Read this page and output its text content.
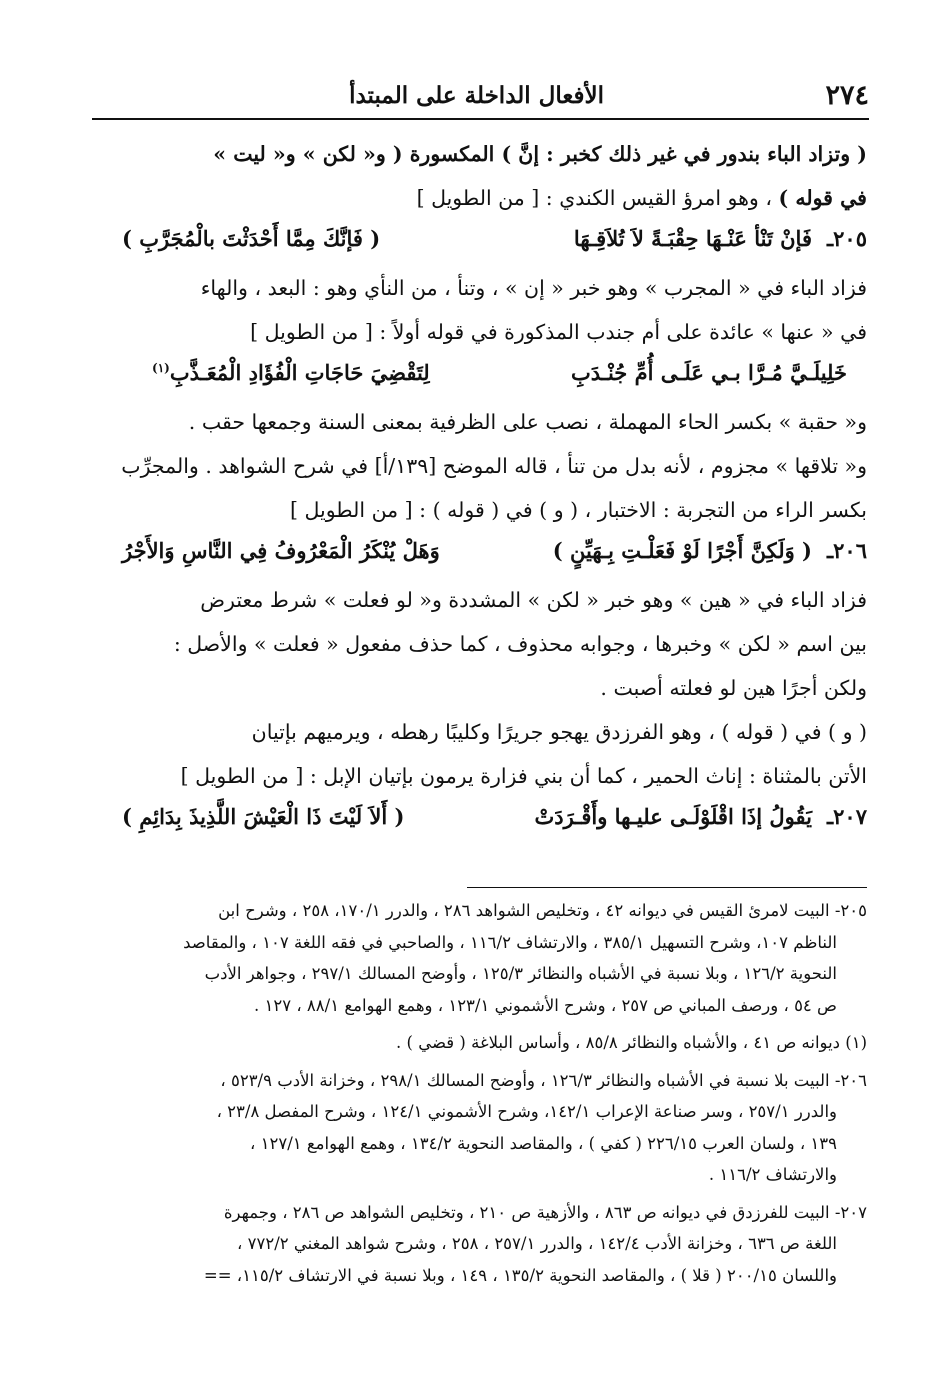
٢٧٤
الأفعال الداخلة على المبتدأ
( وتزاد الباء بندور في غير ذلك كخبر : إنَّ ) المكسورة ( و« لكن » و« ليت »
في قوله ) ، وهو امرؤ القيس الكندي : [ من الطويل ]
٢٠٥ـ
فَإنْ تَنْأ عَنْـهَا حِقْبَـةً لاَ تُلاَقِـهَا
( فَإنَّكَ مِمَّا أَحْدَثْتَ بالْمُجَرَّبِ )
فزاد الباء في « المجرب » وهو خبر « إن » ، وتنأ ، من النأي وهو : البعد ، والهاء
في « عنها » عائدة على أم جندب المذكورة في قوله أولاً : [ من الطويل ]
خَلِيلَـيَّ مُـرَّا بـي عَلَـى أُمِّ جُنْـدَبِ
لِتَقْضِيَ حَاجَاتِ الْفُؤَادِ الْمُعَـذَّبِ$^{(١)}$
و« حقبة » بكسر الحاء المهملة ، نصب على الظرفية بمعنى السنة وجمعها حقب .
و« تلاقها » مجزوم ، لأنه بدل من تنأ ، قاله الموضح [١٣٩/أ] في شرح الشواهد . والمجرِّب
بكسر الراء من التجربة : الاختبار ، ( و ) في ( قوله ) : [ من الطويل ]
٢٠٦ـ
( وَلَكِنَّ أَجْرًا لَوْ فَعَلْـتِ بِـهَيِّنٍ )
وَهَلْ يُنْكَرُ الْمَعْرُوفُ فِي النَّاسِ وَالأَجْرُ
فزاد الباء في « هين » وهو خبر « لكن » المشددة و« لو فعلت » شرط معترض
بين اسم « لكن » وخبرها ، وجوابه محذوف ، كما حذف مفعول « فعلت » والأصل :
ولكن أجرًا هين لو فعلته أصبت .
( و ) في ( قوله ) ، وهو الفرزدق يهجو جريرًا وكليبًا رهطه ، ويرميهم بإتيان
الأتن بالمثناة : إناث الحمير ، كما أن بني فزارة يرمون بإتيان الإبل : [ من الطويل ]
٢٠٧ـ
يَقُولُ إذَا اقْلَوْلَـى عليـها وأَقْـرَدَتْ
( أَلاَ لَيْتَ ذَا الْعَيْشَ اللَّذِيذَ بِدَائِمِ )
٢٠٥- البيت لامرئ القيس في ديوانه ٤٢ ، وتخليص الشواهد ٢٨٦ ، والدرر ١٧٠/١، ٢٥٨ ، وشرح ابن
الناظم ١٠٧، وشرح التسهيل ٣٨٥/١ ، والارتشاف ١١٦/٢ ، والصاحبي في فقه اللغة ١٠٧ ، والمقاصد
النحوية ١٢٦/٢ ، وبلا نسبة في الأشباه والنظائر ١٢٥/٣ ، وأوضح المسالك ٢٩٧/١ ، وجواهر الأدب
ص ٥٤ ، ورصف المباني ص ٢٥٧ ، وشرح الأشموني ١٢٣/١ ، وهمع الهوامع ٨٨/١ ، ١٢٧ .
(١) ديوانه ص ٤١ ، والأشباه والنظائر ٨٥/٨ ، وأساس البلاغة ( قضي ) .
٢٠٦- البيت بلا نسبة في الأشباه والنظائر ١٢٦/٣ ، وأوضح المسالك ٢٩٨/١ ، وخزانة الأدب ٥٢٣/٩ ،
والدرر ٢٥٧/١ ، وسر صناعة الإعراب ١٤٢/١، وشرح الأشموني ١٢٤/١ ، وشرح المفصل ٢٣/٨ ،
١٣٩ ، ولسان العرب ٢٢٦/١٥ ( كفي ) ، والمقاصد النحوية ١٣٤/٢ ، وهمع الهوامع ١٢٧/١ ،
والارتشاف ١١٦/٢ .
٢٠٧- البيت للفرزدق في ديوانه ص ٨٦٣ ، والأزهية ص ٢١٠ ، وتخليص الشواهد ص ٢٨٦ ، وجمهرة
اللغة ص ٦٣٦ ، وخزانة الأدب ١٤٢/٤ ، والدرر ٢٥٧/١ ، ٢٥٨ ، وشرح شواهد المغني ٧٧٢/٢ ،
واللسان ٢٠٠/١٥ ( قلا ) ، والمقاصد النحوية ١٣٥/٢ ، ١٤٩ ، وبلا نسبة في الارتشاف ١١٥/٢، ==
